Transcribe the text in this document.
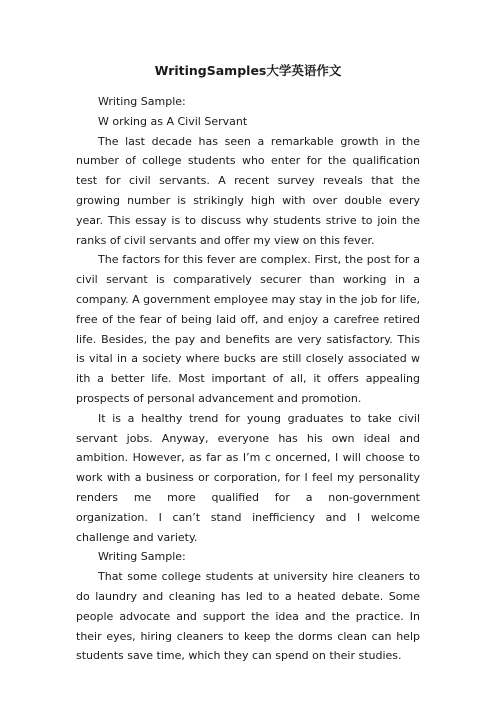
WritingSamples大学英语作文

Writing Sample:

W orking as A Civil Servant

The last decade has seen a remarkable growth in the number of college students who enter for the qualification test for civil servants. A recent survey reveals that the growing number is strikingly high with over double every year. This essay is to discuss why students strive to join the ranks of civil servants and offer my view on this fever.

The factors for this fever are complex. First, the post for a civil servant is comparatively securer than working in a company. A government employee may stay in the job for life, free of the fear of being laid off, and enjoy a carefree retired life. Besides, the pay and benefits are very satisfactory. This is vital in a society where bucks are still closely associated w ith a better life. Most important of all, it offers appealing prospects of personal advancement and promotion.

It is a healthy trend for young graduates to take civil servant jobs. Anyway, everyone has his own ideal and ambition. However, as far as I’m c oncerned, I will choose to work with a business or corporation, for I feel my personality renders me more qualified for a non-government organization. I can’t stand inefficiency and I welcome challenge and variety.

Writing Sample:

That some college students at university hire cleaners to do laundry and cleaning has led to a heated debate. Some people advocate and support the idea and the practice. In their eyes, hiring cleaners to keep the dorms clean can help students save time, which they can spend on their studies.
